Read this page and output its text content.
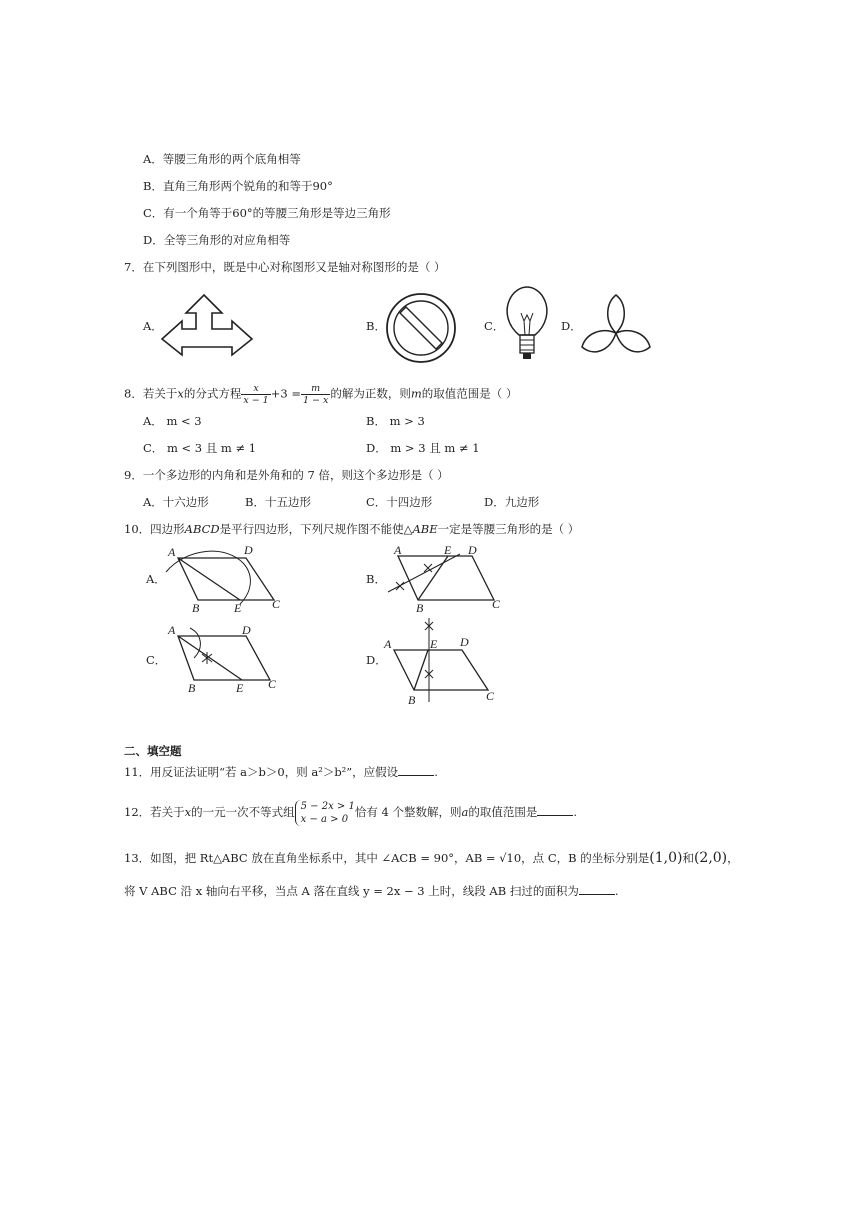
A．等腰三角形的两个底角相等
B．直角三角形两个锐角的和等于90°
C．有一个角等于60°的等腰三角形是等边三角形
D．全等三角形的对应角相等
7．在下列图形中，既是中心对称图形又是轴对称图形的是（ ）
A．	B．	C．	D．
8．若关于x的分式方程 $\frac{x}{x - 1} +3 = \frac{m}{1 - x}$ 的解为正数，则m的取值范围是（ ）
A． m < 3	B． m > 3
C． m < 3 且 m ≠ 1	D． m > 3 且 m ≠ 1
9．一个多边形的内角和是外角和的 7 倍，则这个多边形是（ ）
A．十六边形	B．十五边形	C．十四边形	D．九边形
10．四边形ABCD是平行四边形，下列尺规作图不能使△ABE一定是等腰三角形的是（ ）
A．
A	D
B	E	C
B．
A	E D
B	C
C．
A	D
B	E C
D．
A	E D
B	C
二、填空题
11．用反证法证明“若 a＞b＞0，则 a²＞b²”，应假设	.
12．若关于x的一元一次不等式组 5 − 2x > 1
x − a > 0
恰有 4 个整数解，则a的取值范围是	.
13．如图，把 Rt△ABC 放在直角坐标系中，其中 ∠ACB = 90°，AB = √10，点 C，B 的坐标分别是(1,0)和(2,0)，
将 V ABC 沿 x 轴向右平移，当点 A 落在直线 y = 2x − 3 上时，线段 AB 扫过的面积为	.
